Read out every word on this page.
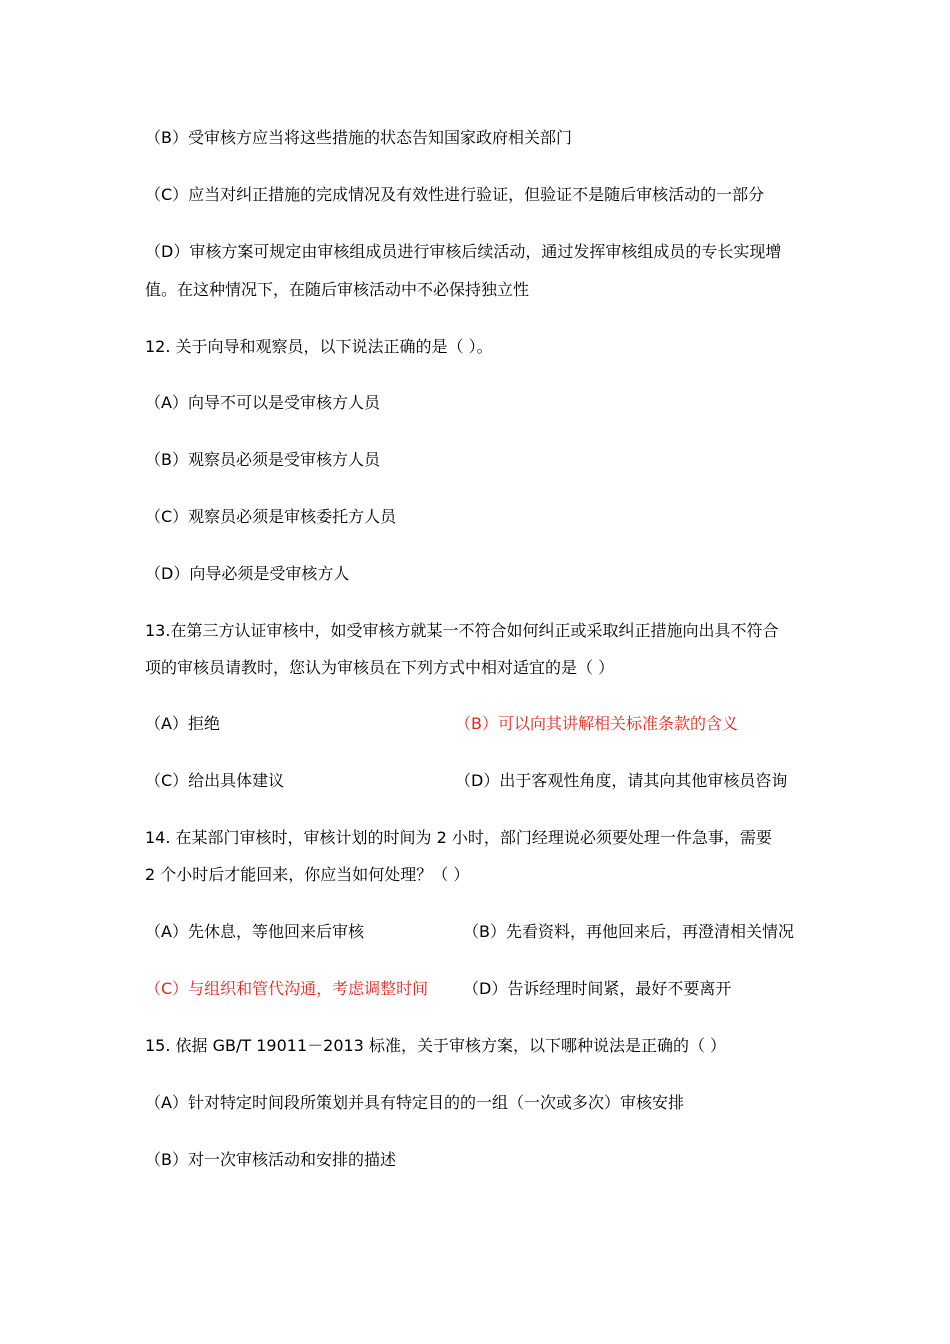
（B）受审核方应当将这些措施的状态告知国家政府相关部门
（C）应当对纠正措施的完成情况及有效性进行验证，但验证不是随后审核活动的一部分
（D）审核方案可规定由审核组成员进行审核后续活动，通过发挥审核组成员的专长实现增
值。在这种情况下，在随后审核活动中不必保持独立性
12. 关于向导和观察员，以下说法正确的是（ ）。
（A）向导不可以是受审核方人员
（B）观察员必须是受审核方人员
（C）观察员必须是审核委托方人员
（D）向导必须是受审核方人
13.在第三方认证审核中，如受审核方就某一不符合如何纠正或采取纠正措施向出具不符合
项的审核员请教时，您认为审核员在下列方式中相对适宜的是（ ）
（A）拒绝	（B）可以向其讲解相关标准条款的含义
（C）给出具体建议	（D）出于客观性角度，请其向其他审核员咨询
14. 在某部门审核时，审核计划的时间为 2 小时，部门经理说必须要处理一件急事，需要
2 个小时后才能回来，你应当如何处理？（ ）
（A）先休息，等他回来后审核	（B）先看资料，再他回来后，再澄清相关情况
（C）与组织和管代沟通，考虑调整时间 （D）告诉经理时间紧，最好不要离开
15. 依据 GB/T 19011－2013 标准，关于审核方案，以下哪种说法是正确的（ ）
（A）针对特定时间段所策划并具有特定目的的一组（一次或多次）审核安排
（B）对一次审核活动和安排的描述
